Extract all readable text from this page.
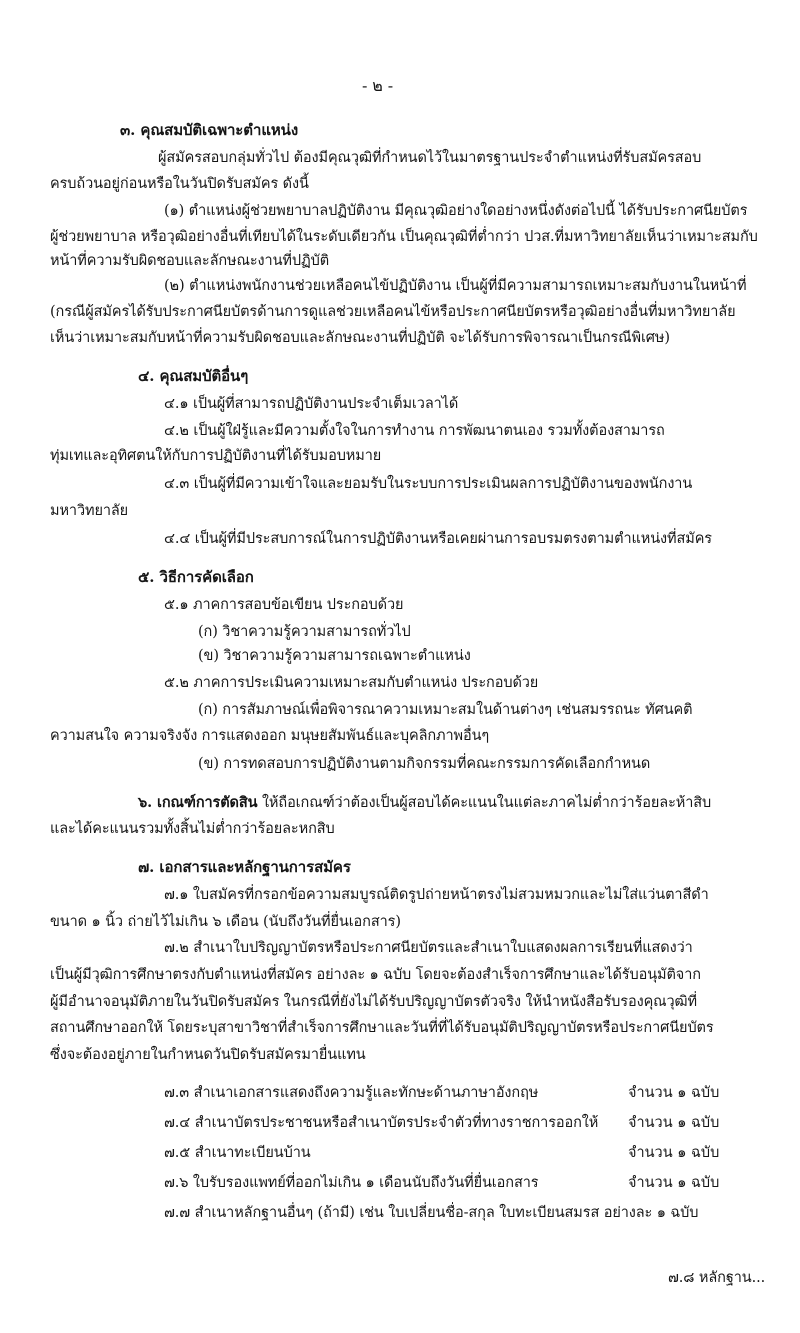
- ๒ -
๓. คุณสมบัติเฉพาะตำแหน่ง
ผู้สมัครสอบกลุ่มทั่วไป ต้องมีคุณวุฒิที่กำหนดไว้ในมาตรฐานประจำตำแหน่งที่รับสมัครสอบ
ครบถ้วนอยู่ก่อนหรือในวันปิดรับสมัคร ดังนี้
(๑) ตำแหน่งผู้ช่วยพยาบาลปฏิบัติงาน มีคุณวุฒิอย่างใดอย่างหนึ่งดังต่อไปนี้ ได้รับประกาศนียบัตร
ผู้ช่วยพยาบาล หรือวุฒิอย่างอื่นที่เทียบได้ในระดับเดียวกัน เป็นคุณวุฒิที่ต่ำกว่า ปวส.ที่มหาวิทยาลัยเห็นว่าเหมาะสมกับ
หน้าที่ความรับผิดชอบและลักษณะงานที่ปฏิบัติ
(๒) ตำแหน่งพนักงานช่วยเหลือคนไข้ปฏิบัติงาน เป็นผู้ที่มีความสามารถเหมาะสมกับงานในหน้าที่
(กรณีผู้สมัครได้รับประกาศนียบัตรด้านการดูแลช่วยเหลือคนไข้หรือประกาศนียบัตรหรือวุฒิอย่างอื่นที่มหาวิทยาลัย
เห็นว่าเหมาะสมกับหน้าที่ความรับผิดชอบและลักษณะงานที่ปฏิบัติ จะได้รับการพิจารณาเป็นกรณีพิเศษ)
๔. คุณสมบัติอื่นๆ
๔.๑ เป็นผู้ที่สามารถปฏิบัติงานประจำเต็มเวลาได้
๔.๒ เป็นผู้ใฝ่รู้และมีความตั้งใจในการทำงาน การพัฒนาตนเอง รวมทั้งต้องสามารถ
ทุ่มเทและอุทิศตนให้กับการปฏิบัติงานที่ได้รับมอบหมาย
๔.๓ เป็นผู้ที่มีความเข้าใจและยอมรับในระบบการประเมินผลการปฏิบัติงานของพนักงาน
มหาวิทยาลัย
๔.๔ เป็นผู้ที่มีประสบการณ์ในการปฏิบัติงานหรือเคยผ่านการอบรมตรงตามตำแหน่งที่สมัคร
๕. วิธีการคัดเลือก
๕.๑ ภาคการสอบข้อเขียน ประกอบด้วย
(ก) วิชาความรู้ความสามารถทั่วไป
(ข) วิชาความรู้ความสามารถเฉพาะตำแหน่ง
๕.๒ ภาคการประเมินความเหมาะสมกับตำแหน่ง ประกอบด้วย
(ก) การสัมภาษณ์เพื่อพิจารณาความเหมาะสมในด้านต่างๆ เช่นสมรรถนะ ทัศนคติ
ความสนใจ ความจริงจัง การแสดงออก มนุษยสัมพันธ์และบุคลิกภาพอื่นๆ
(ข) การทดสอบการปฏิบัติงานตามกิจกรรมที่คณะกรรมการคัดเลือกกำหนด
๖. เกณฑ์การตัดสิน ให้ถือเกณฑ์ว่าต้องเป็นผู้สอบได้คะแนนในแต่ละภาคไม่ต่ำกว่าร้อยละห้าสิบ
และได้คะแนนรวมทั้งสิ้นไม่ต่ำกว่าร้อยละหกสิบ
๗. เอกสารและหลักฐานการสมัคร
๗.๑ ใบสมัครที่กรอกข้อความสมบูรณ์ติดรูปถ่ายหน้าตรงไม่สวมหมวกและไม่ใส่แว่นตาสีดำ
ขนาด ๑ นิ้ว ถ่ายไว้ไม่เกิน ๖ เดือน (นับถึงวันที่ยื่นเอกสาร)
๗.๒ สำเนาใบปริญญาบัตรหรือประกาศนียบัตรและสำเนาใบแสดงผลการเรียนที่แสดงว่า
เป็นผู้มีวุฒิการศึกษาตรงกับตำแหน่งที่สมัคร อย่างละ ๑ ฉบับ โดยจะต้องสำเร็จการศึกษาและได้รับอนุมัติจาก
ผู้มีอำนาจอนุมัติภายในวันปิดรับสมัคร ในกรณีที่ยังไม่ได้รับปริญญาบัตรตัวจริง ให้นำหนังสือรับรองคุณวุฒิที่
สถานศึกษาออกให้ โดยระบุสาขาวิชาที่สำเร็จการศึกษาและวันที่ที่ได้รับอนุมัติปริญญาบัตรหรือประกาศนียบัตร
ซึ่งจะต้องอยู่ภายในกำหนดวันปิดรับสมัครมายื่นแทน
๗.๓ สำเนาเอกสารแสดงถึงความรู้และทักษะด้านภาษาอังกฤษ	จำนวน ๑ ฉบับ
๗.๔ สำเนาบัตรประชาชนหรือสำเนาบัตรประจำตัวที่ทางราชการออกให้ จำนวน ๑ ฉบับ
๗.๕ สำเนาทะเบียนบ้าน	จำนวน ๑ ฉบับ
๗.๖ ใบรับรองแพทย์ที่ออกไม่เกิน ๑ เดือนนับถึงวันที่ยื่นเอกสาร	จำนวน ๑ ฉบับ
๗.๗ สำเนาหลักฐานอื่นๆ (ถ้ามี) เช่น ใบเปลี่ยนชื่อ-สกุล ใบทะเบียนสมรส อย่างละ ๑ ฉบับ
๗.๘ หลักฐาน...
